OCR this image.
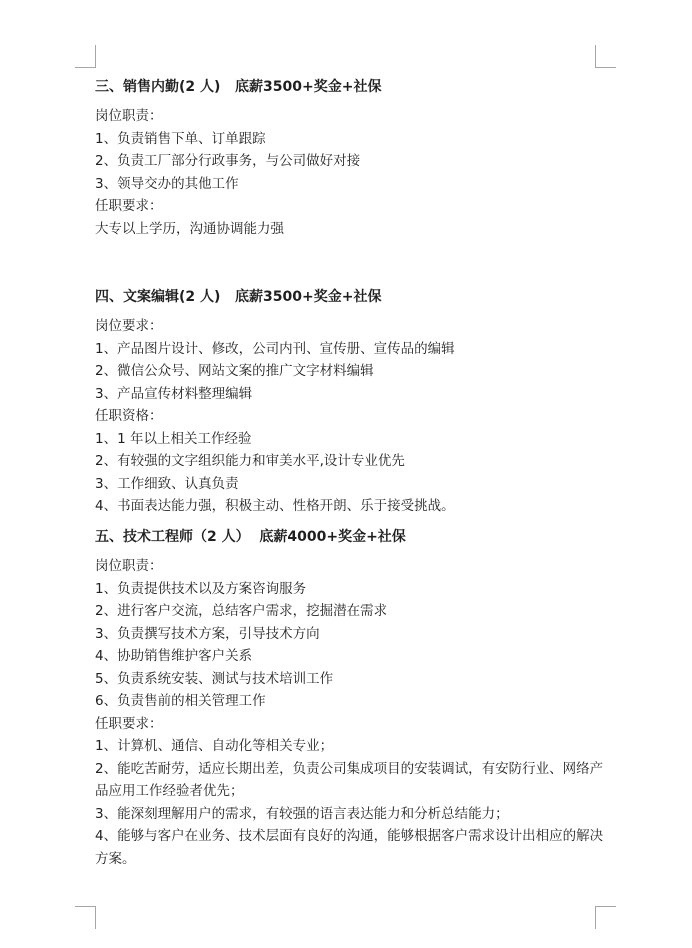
三、销售内勤(2 人) 底薪3500+奖金+社保
岗位职责：
1、负责销售下单、订单跟踪
2、负责工厂部分行政事务，与公司做好对接
3、领导交办的其他工作
任职要求：
大专以上学历，沟通协调能力强
四、文案编辑(2 人) 底薪3500+奖金+社保
岗位要求：
1、产品图片设计、修改，公司内刊、宣传册、宣传品的编辑
2、微信公众号、网站文案的推广文字材料编辑
3、产品宣传材料整理编辑
任职资格：
1、1 年以上相关工作经验
2、有较强的文字组织能力和审美水平,设计专业优先
3、工作细致、认真负责
4、书面表达能力强，积极主动、性格开朗、乐于接受挑战。
五、技术工程师（2 人） 底薪4000+奖金+社保
岗位职责：
1、负责提供技术以及方案咨询服务
2、进行客户交流，总结客户需求，挖掘潜在需求
3、负责撰写技术方案，引导技术方向
4、协助销售维护客户关系
5、负责系统安装、测试与技术培训工作
6、负责售前的相关管理工作
任职要求：
1、计算机、通信、自动化等相关专业；
2、能吃苦耐劳，适应长期出差，负责公司集成项目的安装调试，有安防行业、网络产品应用工作经验者优先；
3、能深刻理解用户的需求，有较强的语言表达能力和分析总结能力；
4、能够与客户在业务、技术层面有良好的沟通，能够根据客户需求设计出相应的解决方案。
